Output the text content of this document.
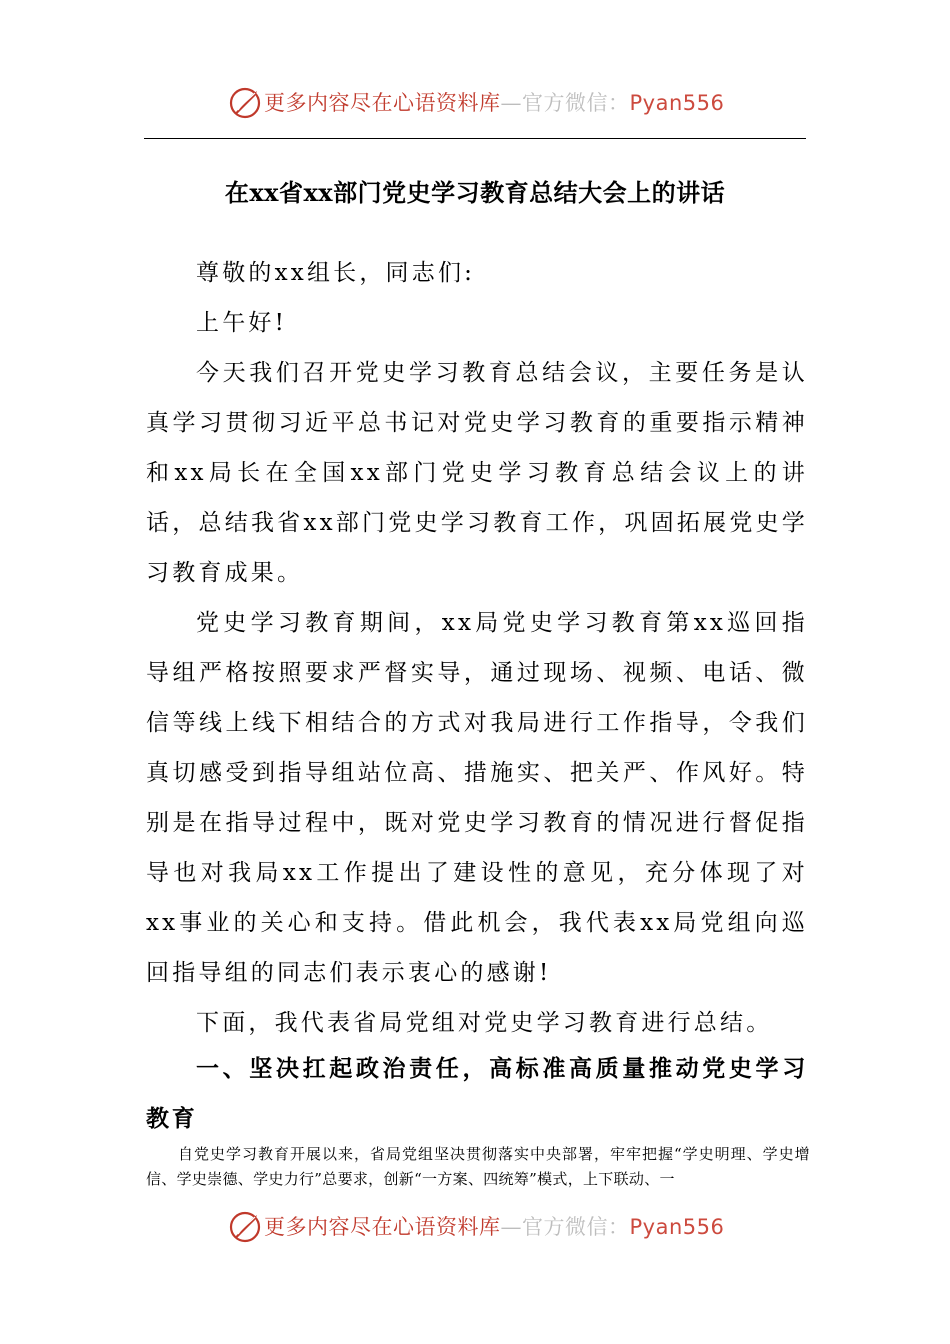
更多内容尽在心语资料库—官方微信：Pyan556
在xx省xx部门党史学习教育总结大会上的讲话

尊敬的xx组长，同志们:

上午好!

今天我们召开党史学习教育总结会议，主要任务是认真学习贯彻习近平总书记对党史学习教育的重要指示精神和xx局长在全国xx部门党史学习教育总结会议上的讲话，总结我省xx部门党史学习教育工作，巩固拓展党史学习教育成果。

党史学习教育期间，xx局党史学习教育第xx巡回指导组严格按照要求严督实导，通过现场、视频、电话、微信等线上线下相结合的方式对我局进行工作指导，令我们真切感受到指导组站位高、措施实、把关严、作风好。特别是在指导过程中，既对党史学习教育的情况进行督促指导也对我局xx工作提出了建设性的意见，充分体现了对xx事业的关心和支持。借此机会，我代表xx局党组向巡回指导组的同志们表示衷心的感谢!

下面，我代表省局党组对党史学习教育进行总结。

一、坚决扛起政治责任，高标准高质量推动党史学习教育
自党史学习教育开展以来，省局党组坚决贯彻落实中央部署，牢牢把握“学史明理、学史增信、学史崇德、学史力行”总要求，创新“一方案、四统筹”模式，上下联动、一
更多内容尽在心语资料库—官方微信：Pyan556
